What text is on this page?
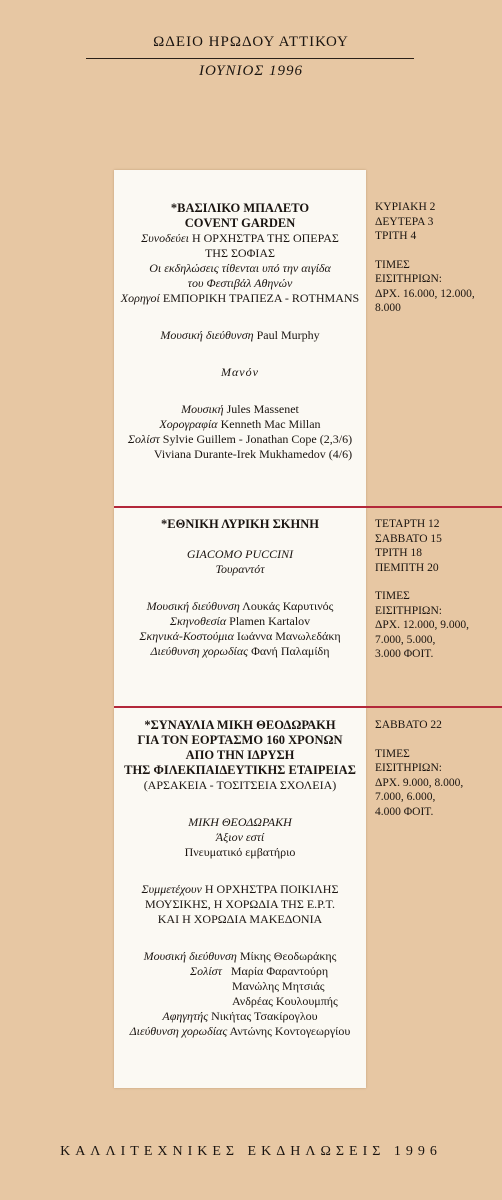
ΩΔΕΙΟ ΗΡΩΔΟΥ ΑΤΤΙΚΟΥ
ΙΟΥΝΙΟΣ 1996
*ΒΑΣΙΛΙΚΟ ΜΠΑΛΕΤΟ
COVENT GARDEN
Συνοδεύει Η ΟΡΧΗΣΤΡΑ ΤΗΣ ΟΠΕΡΑΣ
ΤΗΣ ΣΟΦΙΑΣ
Οι εκδηλώσεις τίθενται υπό την αιγίδα
του Φεστιβάλ Αθηνών
Χορηγοί ΕΜΠΟΡΙΚΗ ΤΡΑΠΕΖΑ - ROTHMANS
Μουσική διεύθυνση Paul Murphy
Μανόν
Μουσική Jules Massenet
Χορογραφία Kenneth Mac Millan
Σολίστ Sylvie Guillem - Jonathan Cope (2,3/6)
Viviana Durante-Irek Mukhamedov (4/6)
ΚΥΡΙΑΚΗ 2
ΔΕΥΤΕΡΑ 3
ΤΡΙΤΗ 4
ΤΙΜΕΣ
ΕΙΣΙΤΗΡΙΩΝ:
ΔΡΧ. 16.000, 12.000,
8.000
*ΕΘΝΙΚΗ ΛΥΡΙΚΗ ΣΚΗΝΗ
GIACOMO PUCCINI
Τουραντότ
Μουσική διεύθυνση Λουκάς Καρυτινός
Σκηνοθεσία Plamen Kartalov
Σκηνικά-Κοστούμια Ιωάννα Μανωλεδάκη
Διεύθυνση χορωδίας Φανή Παλαμίδη
ΤΕΤΑΡΤΗ 12
ΣΑΒΒΑΤΟ 15
ΤΡΙΤΗ 18
ΠΕΜΠΤΗ 20
ΤΙΜΕΣ
ΕΙΣΙΤΗΡΙΩΝ:
ΔΡΧ. 12.000, 9.000,
7.000, 5.000,
3.000 ΦΟΙΤ.
*ΣΥΝΑΥΛΙΑ ΜΙΚΗ ΘΕΟΔΩΡΑΚΗ
ΓΙΑ ΤΟΝ ΕΟΡΤΑΣΜΟ 160 ΧΡΟΝΩΝ
ΑΠΟ ΤΗΝ ΙΔΡΥΣΗ
ΤΗΣ ΦΙΛΕΚΠΑΙΔΕΥΤΙΚΗΣ ΕΤΑΙΡΕΙΑΣ
(ΑΡΣΑΚΕΙΑ - ΤΟΣΙΤΣΕΙΑ ΣΧΟΛΕΙΑ)
ΜΙΚΗ ΘΕΟΔΩΡΑΚΗ
Άξιον εστί
Πνευματικό εμβατήριο
Συμμετέχουν Η ΟΡΧΗΣΤΡΑ ΠΟΙΚΙΛΗΣ
ΜΟΥΣΙΚΗΣ, Η ΧΟΡΩΔΙΑ ΤΗΣ Ε.Ρ.Τ.
ΚΑΙ Η ΧΟΡΩΔΙΑ ΜΑΚΕΔΟΝΙΑ
Μουσική διεύθυνση Μίκης Θεοδωράκης
Σολίστ Μαρία Φαραντούρη
Μανώλης Μητσιάς
Ανδρέας Κουλουμπής
Αφηγητής Νικήτας Τσακίρογλου
Διεύθυνση χορωδίας Αντώνης Κοντογεωργίου
ΣΑΒΒΑΤΟ 22
ΤΙΜΕΣ
ΕΙΣΙΤΗΡΙΩΝ:
ΔΡΧ. 9.000, 8.000,
7.000, 6.000,
4.000 ΦΟΙΤ.
ΚΑΛΛΙΤΕΧΝΙΚΕΣ ΕΚΔΗΛΩΣΕΙΣ 1996
